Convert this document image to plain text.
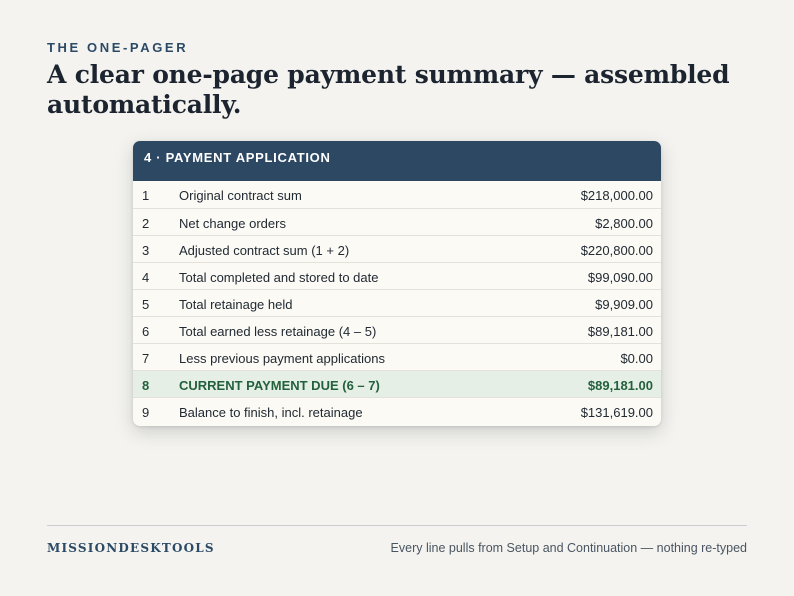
THE ONE-PAGER
A clear one-page payment summary — assembled automatically.
4 · PAYMENT APPLICATION
1 Original contract sum	$218,000.00
2 Net change orders	$2,800.00
3 Adjusted contract sum (1 + 2)	$220,800.00
4 Total completed and stored to date	$99,090.00
5 Total retainage held	$9,909.00
6 Total earned less retainage (4 – 5)	$89,181.00
7 Less previous payment applications	$0.00
8 CURRENT PAYMENT DUE (6 – 7)	$89,181.00
9 Balance to finish, incl. retainage	$131,619.00
MISSIONDESKTOOLS	Every line pulls from Setup and Continuation — nothing re-typed
